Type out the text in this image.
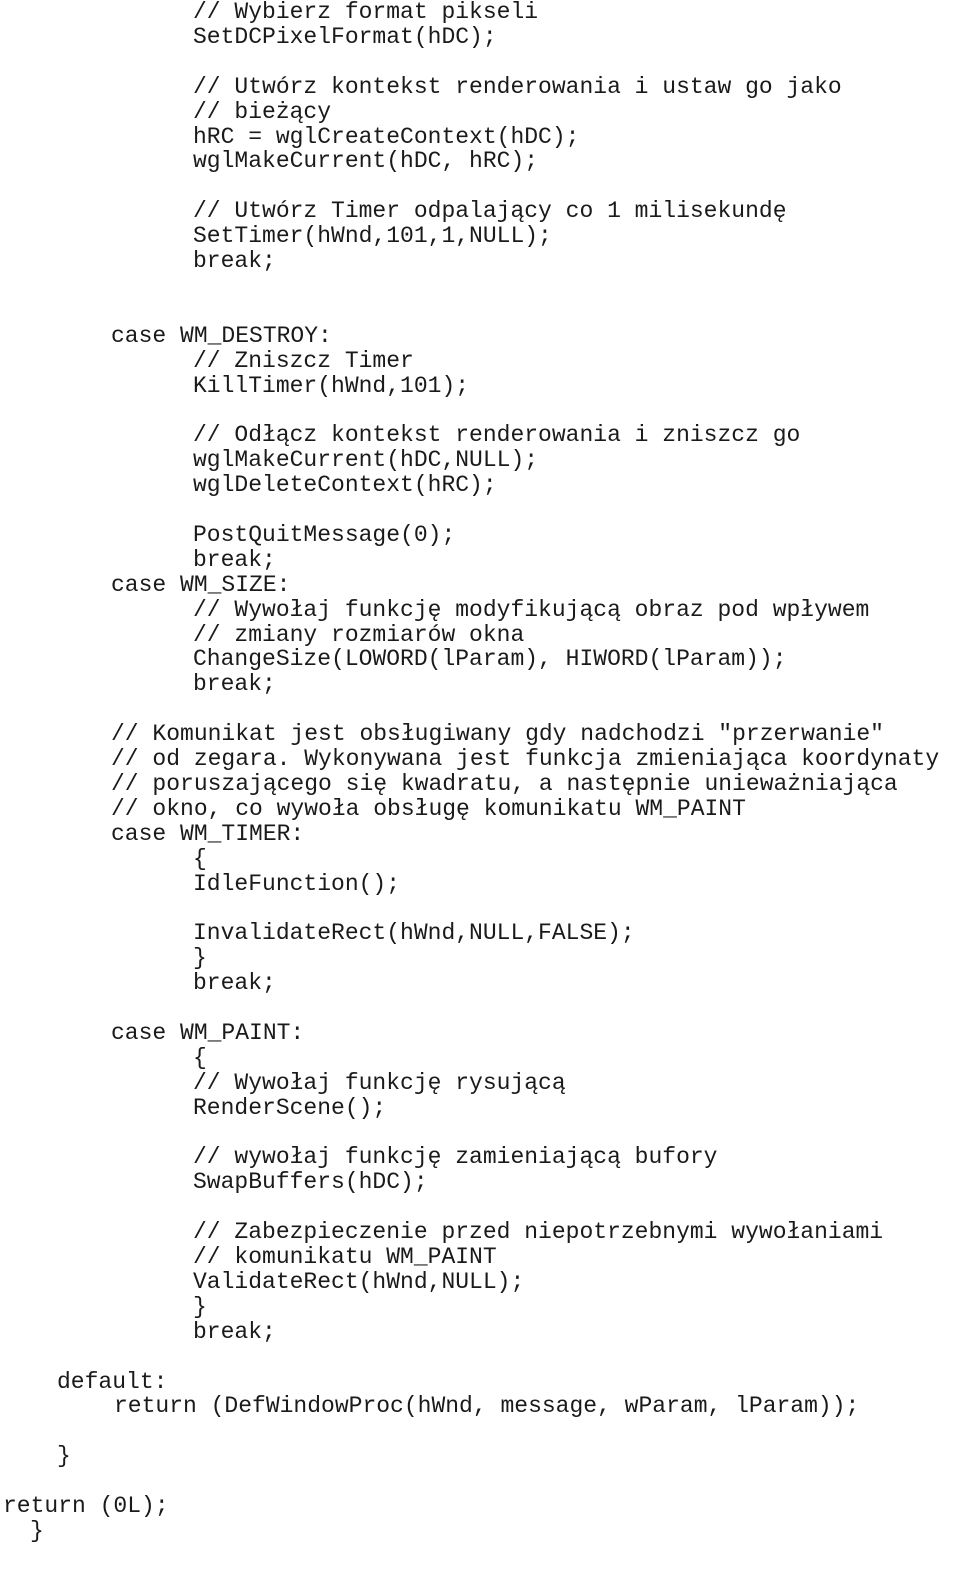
// Wybierz format pikseli
SetDCPixelFormat(hDC);
// Utwórz kontekst renderowania i ustaw go jako
// bieżący
hRC = wglCreateContext(hDC);
wglMakeCurrent(hDC, hRC);
// Utwórz Timer odpalający co 1 milisekundę
SetTimer(hWnd,101,1,NULL);
break;
case WM_DESTROY:
// Zniszcz Timer
KillTimer(hWnd,101);
// Odłącz kontekst renderowania i zniszcz go
wglMakeCurrent(hDC,NULL);
wglDeleteContext(hRC);
PostQuitMessage(0);
break;
case WM_SIZE:
// Wywołaj funkcję modyfikującą obraz pod wpływem
// zmiany rozmiarów okna
ChangeSize(LOWORD(lParam), HIWORD(lParam));
break;
// Komunikat jest obsługiwany gdy nadchodzi "przerwanie"
// od zegara. Wykonywana jest funkcja zmieniająca koordynaty
// poruszającego się kwadratu, a następnie unieważniająca
// okno, co wywoła obsługę komunikatu WM_PAINT
case WM_TIMER:
{
IdleFunction();
InvalidateRect(hWnd,NULL,FALSE);
}
break;
case WM_PAINT:
{
// Wywołaj funkcję rysującą
RenderScene();
// wywołaj funkcję zamieniającą bufory
SwapBuffers(hDC);
// Zabezpieczenie przed niepotrzebnymi wywołaniami
// komunikatu WM_PAINT
ValidateRect(hWnd,NULL);
}
break;
default:
return (DefWindowProc(hWnd, message, wParam, lParam));
}
return (0L);
}
